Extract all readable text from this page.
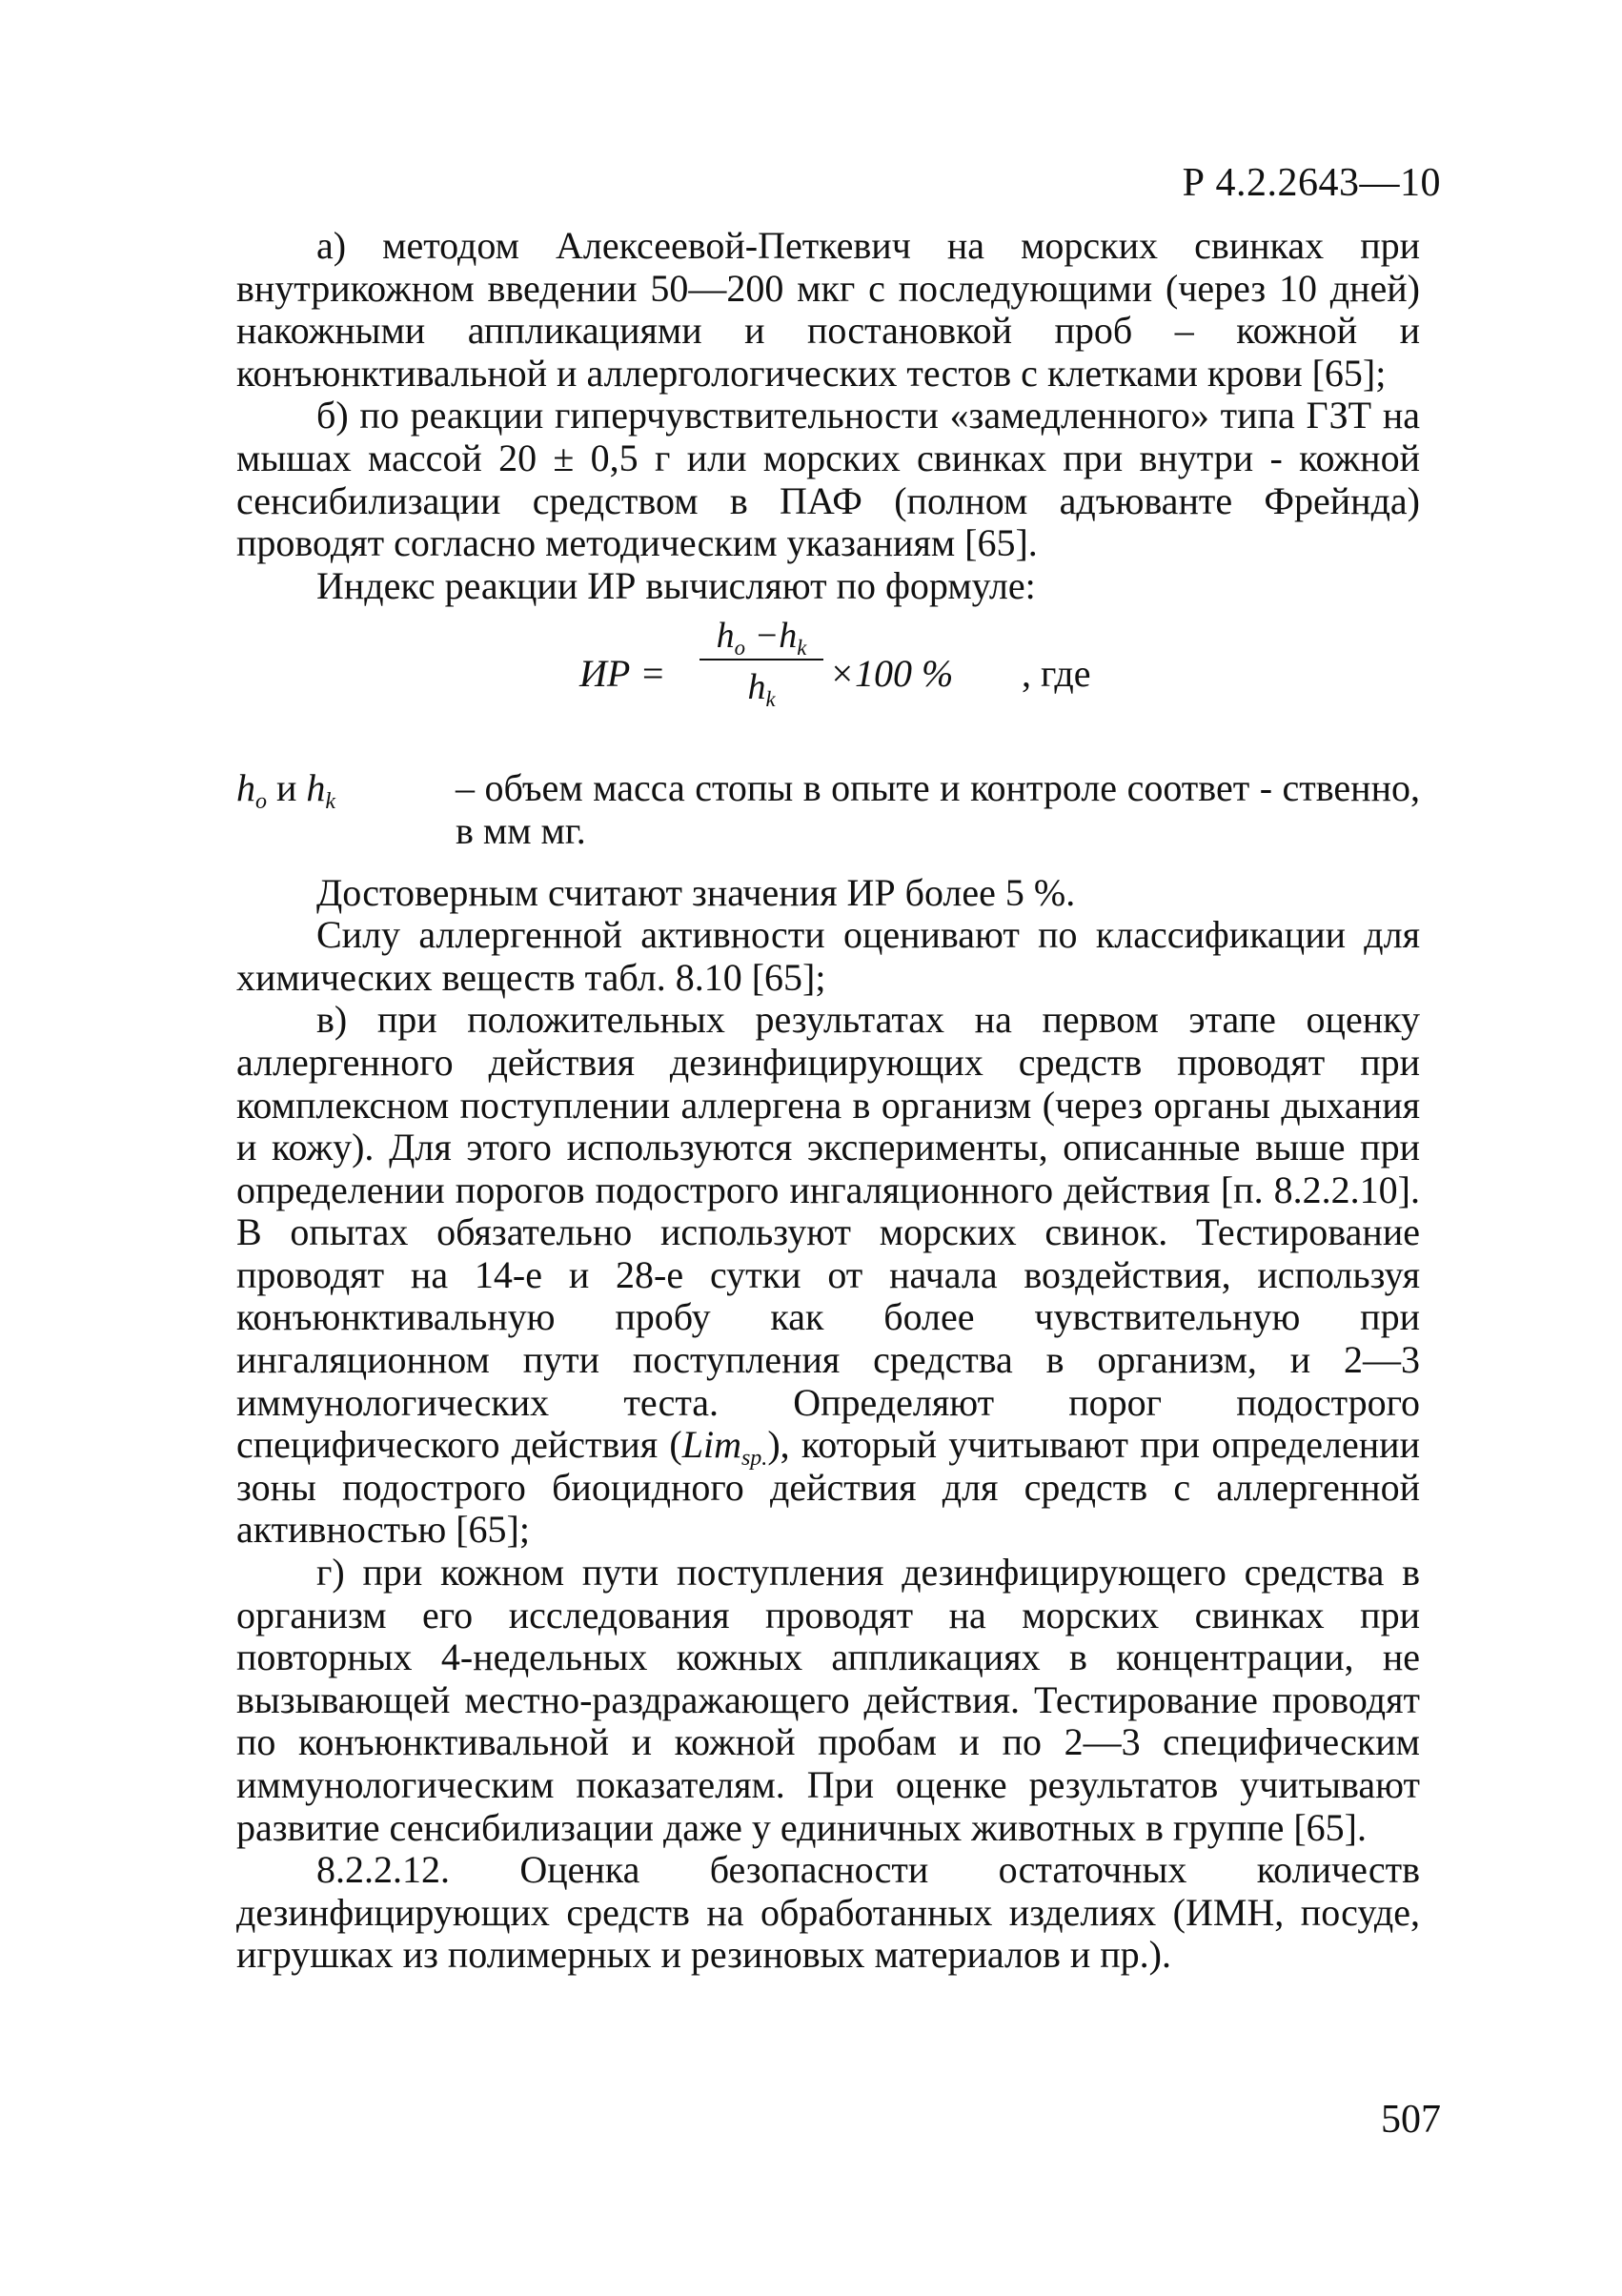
Р 4.2.2643—10

а) методом Алексеевой-Петкевич на морских свинках при внутрикожном введении 50—200 мкг с последующими (через 10 дней) накожными аппликациями и постановкой проб – кожной и конъюнктивальной и аллергологических тестов с клетками крови [65];

б) по реакции гиперчувствительности «замедленного» типа ГЗТ на мышах массой 20 ± 0,5 г или морских свинках при внутри - кожной сенсибилизации средством в ПАФ (полном адъюванте Фрейнда) проводят согласно методическим указаниям [65].

Индекс реакции ИР вычисляют по формуле:

ИР =
$h_o -h_k$
$h_k$
×100 % , где
$h_o$ и $h_k$	– объем масса стопы в опыте и контроле соответ - ственно, в мм мг.

Достоверным считают значения ИР более 5 %.

Силу аллергенной активности оценивают по классификации для химических веществ табл. 8.10 [65];

в) при положительных результатах на первом этапе оценку аллергенного действия дезинфицирующих средств проводят при комплексном поступлении аллергена в организм (через органы дыхания и кожу). Для этого используются эксперименты, описанные выше при определении порогов подострого ингаляционного действия [п. 8.2.2.10]. В опытах обязательно используют морских свинок. Тестирование проводят на 14-е и 28-е сутки от начала воздействия, используя конъюнктивальную пробу как более чувствительную при ингаляционном пути поступления средства в организм, и 2—3 иммунологических теста. Определяют порог подострого специфического действия (Lim$_{sp.}$), который учитывают при определении зоны подострого биоцидного действия для средств с аллергенной активностью [65];

г) при кожном пути поступления дезинфицирующего средства в организм его исследования проводят на морских свинках при повторных 4-недельных кожных аппликациях в концентрации, не вызывающей местно-раздражающего действия. Тестирование проводят по конъюнктивальной и кожной пробам и по 2—3 специфическим иммунологическим показателям. При оценке результатов учитывают развитие сенсибилизации даже у единичных животных в группе [65].

8.2.2.12. Оценка безопасности остаточных количеств дезинфицирующих средств на обработанных изделиях (ИМН, посуде, игрушках из полимерных и резиновых материалов и пр.).

507
